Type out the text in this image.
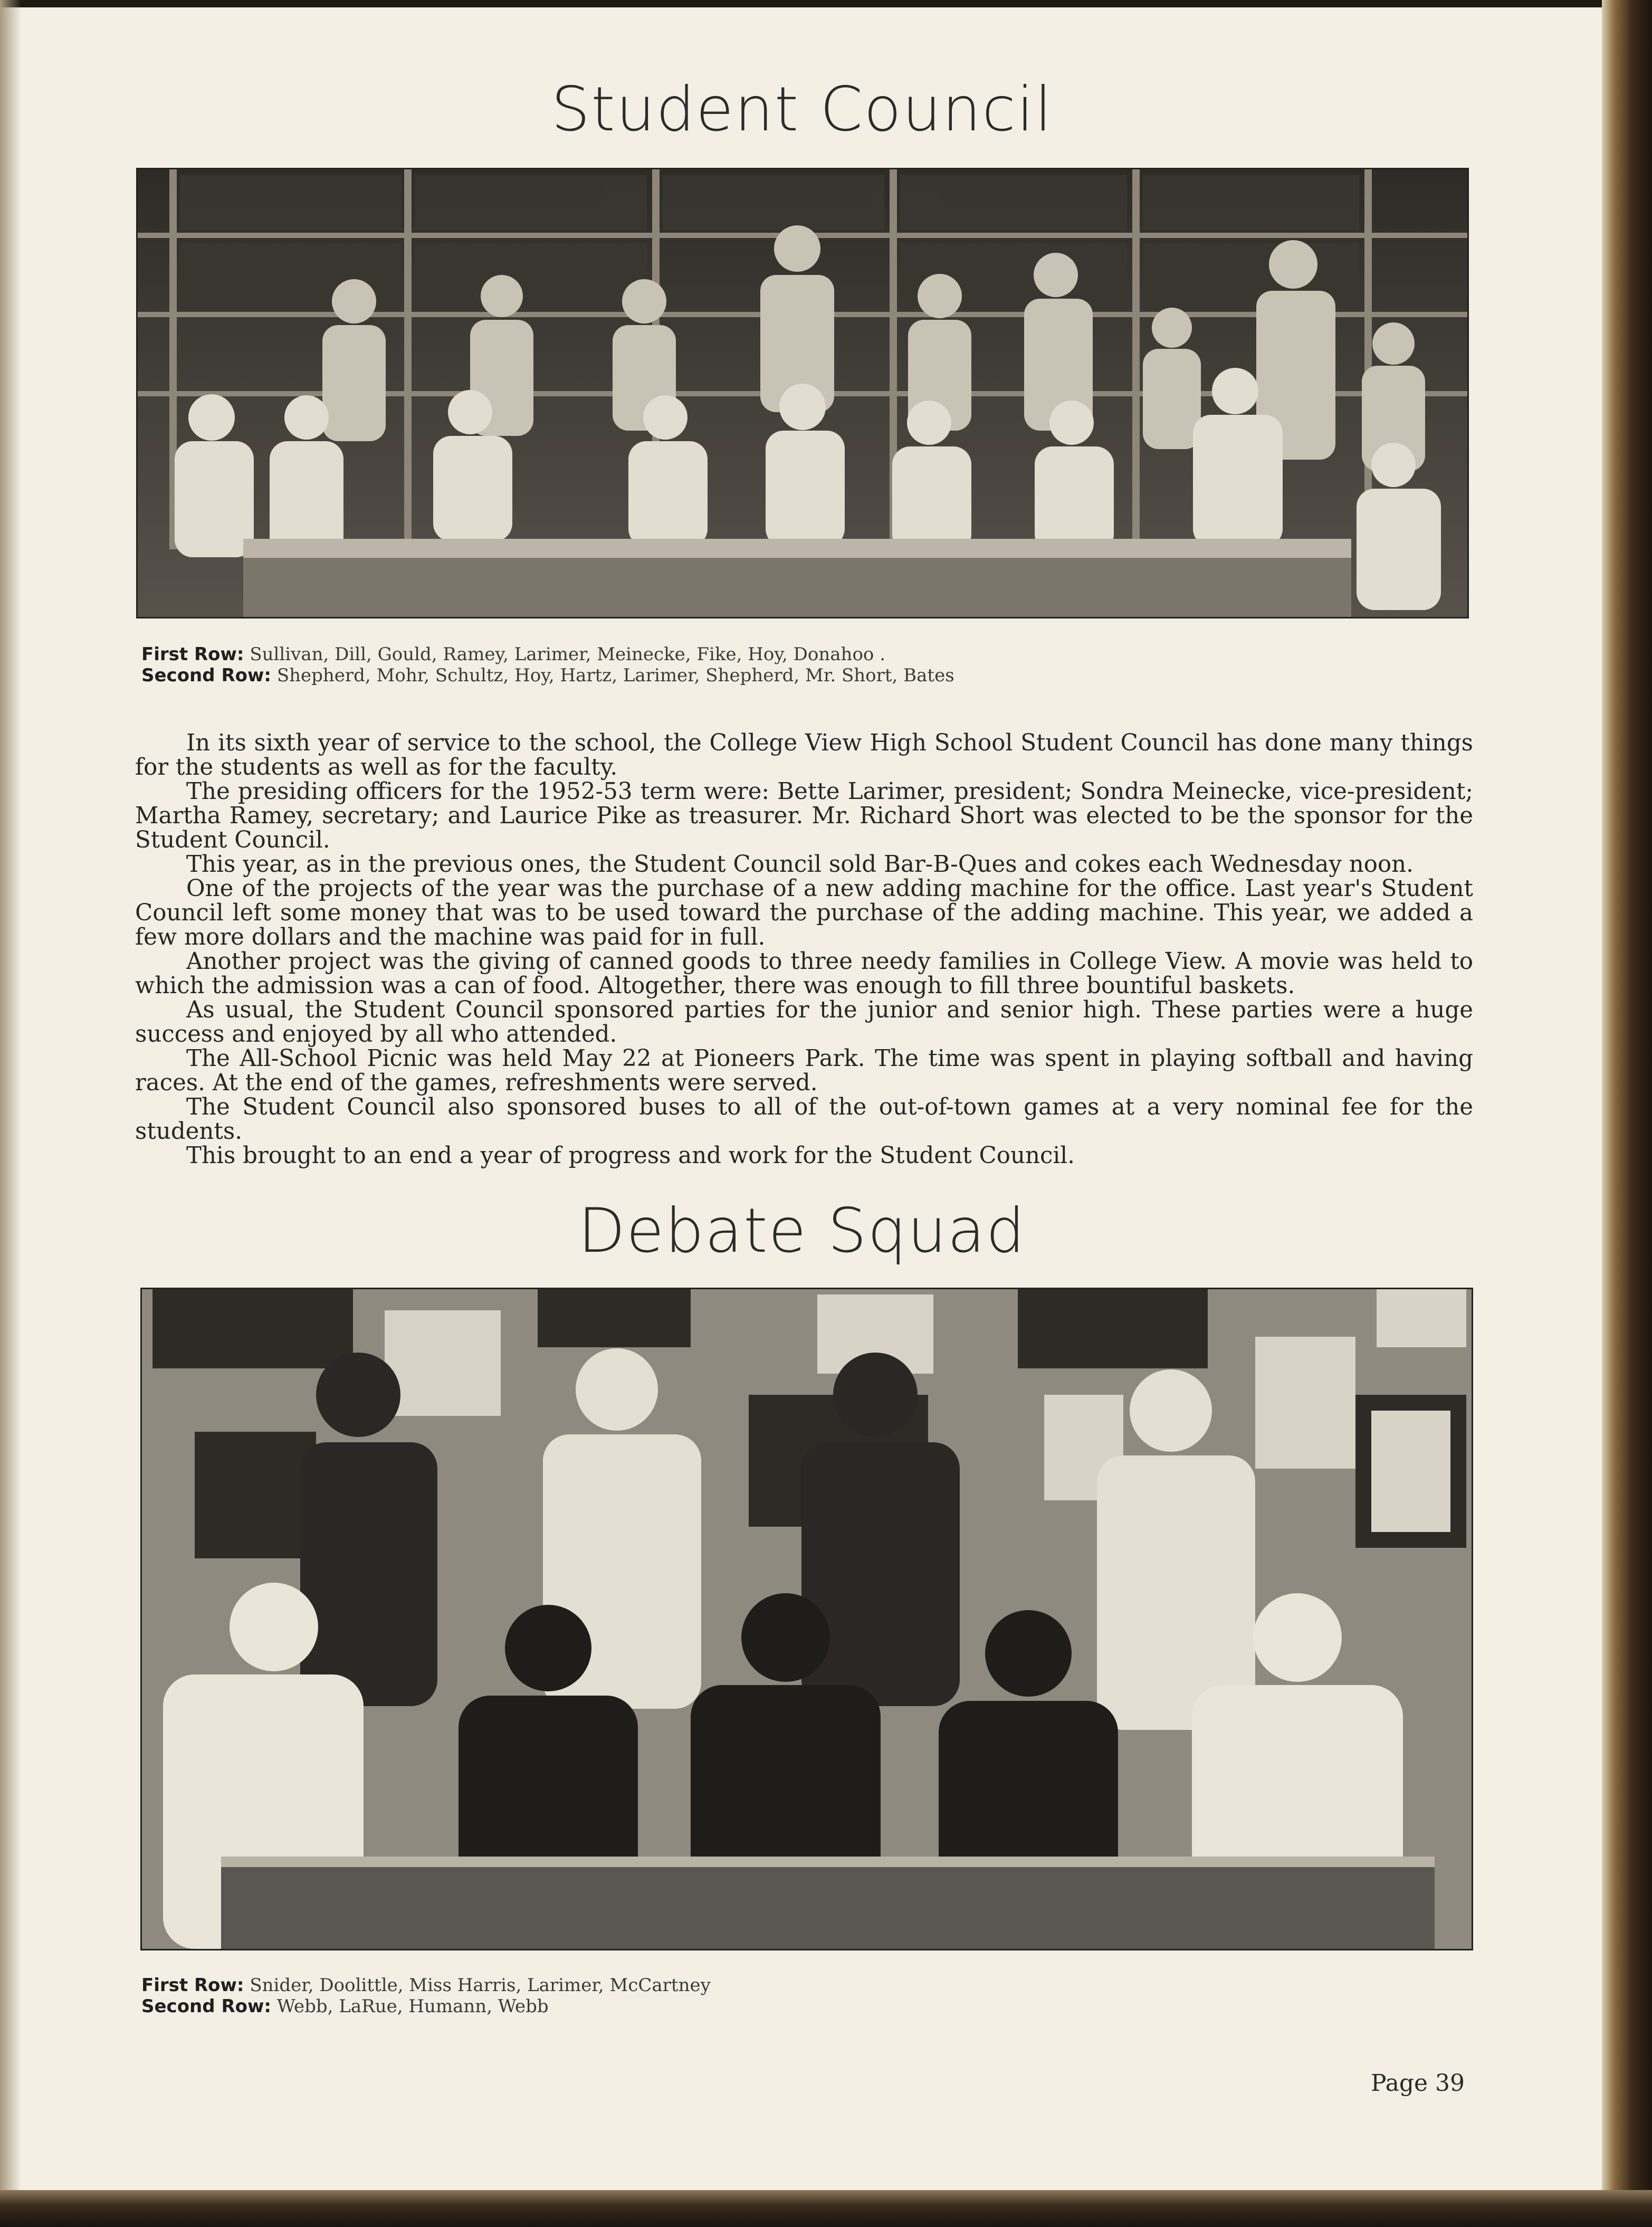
Student Council
First Row: Sullivan, Dill, Gould, Ramey, Larimer, Meinecke, Fike, Hoy, Donahoo .
Second Row: Shepherd, Mohr, Schultz, Hoy, Hartz, Larimer, Shepherd, Mr. Short, Bates

In its sixth year of service to the school, the College View High School Student Council has done many things for the students as well as for the faculty.

The presiding officers for the 1952-53 term were: Bette Larimer, president; Sondra Meinecke, vice-president; Martha Ramey, secretary; and Laurice Pike as treasurer. Mr. Richard Short was elected to be the sponsor for the Student Council.

This year, as in the previous ones, the Student Council sold Bar-B-Ques and cokes each Wednesday noon.

One of the projects of the year was the purchase of a new adding machine for the office. Last year's Student Council left some money that was to be used toward the purchase of the adding machine. This year, we added a few more dollars and the machine was paid for in full.

Another project was the giving of canned goods to three needy families in College View. A movie was held to which the admission was a can of food. Altogether, there was enough to fill three bountiful baskets.

As usual, the Student Council sponsored parties for the junior and senior high. These parties were a huge success and enjoyed by all who attended.

The All-School Picnic was held May 22 at Pioneers Park. The time was spent in playing softball and having races. At the end of the games, refreshments were served.

The Student Council also sponsored buses to all of the out-of-town games at a very nominal fee for the students.

This brought to an end a year of progress and work for the Student Council.

Debate Squad
First Row: Snider, Doolittle, Miss Harris, Larimer, McCartney
Second Row: Webb, LaRue, Humann, Webb
Page 39
